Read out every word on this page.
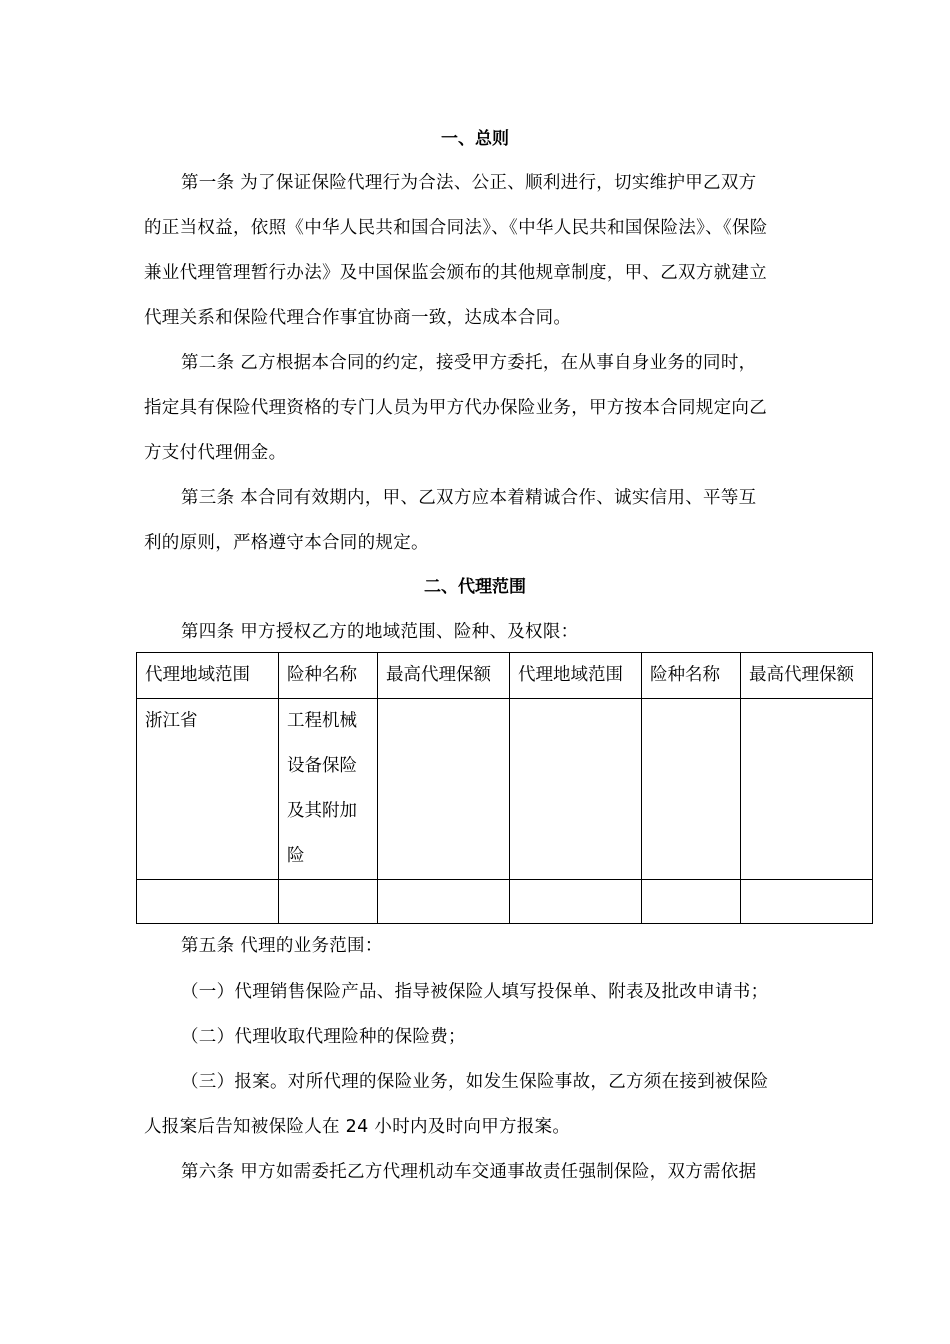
一、总则
第一条 为了保证保险代理行为合法、公正、顺利进行，切实维护甲乙双方
的正当权益，依照《中华人民共和国合同法》、《中华人民共和国保险法》、《保险
兼业代理管理暂行办法》及中国保监会颁布的其他规章制度，甲、乙双方就建立
代理关系和保险代理合作事宜协商一致，达成本合同。
第二条 乙方根据本合同的约定，接受甲方委托，在从事自身业务的同时，
指定具有保险代理资格的专门人员为甲方代办保险业务，甲方按本合同规定向乙
方支付代理佣金。
第三条 本合同有效期内，甲、乙双方应本着精诚合作、诚实信用、平等互
利的原则，严格遵守本合同的规定。
二、代理范围
第四条 甲方授权乙方的地域范围、险种、及权限：
代理地域范围	险种名称	最高代理保额	代理地域范围	险种名称	最高代理保额
浙江省	工程机械
设备保险
及其附加
险				

第五条 代理的业务范围：
（一）代理销售保险产品、指导被保险人填写投保单、附表及批改申请书；
（二）代理收取代理险种的保险费；
（三）报案。对所代理的保险业务，如发生保险事故，乙方须在接到被保险
人报案后告知被保险人在 24 小时内及时向甲方报案。
第六条 甲方如需委托乙方代理机动车交通事故责任强制保险，双方需依据
